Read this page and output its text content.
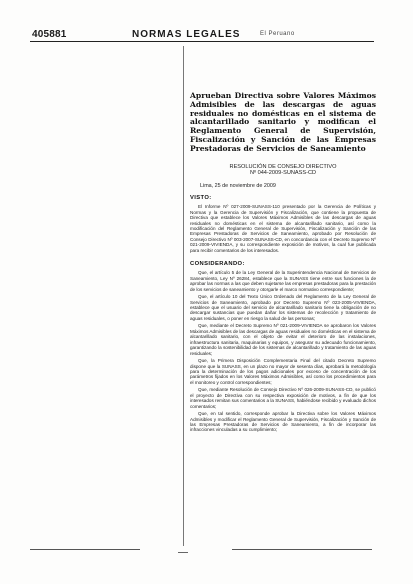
405881	NORMAS LEGALES	El Peruano

Aprueban Directiva sobre Valores Máximos Admisibles de las descargas de aguas residuales no domésticas en el sistema de alcantarillado sanitario y modifican el Reglamento General de Supervisión, Fiscalización y Sanción de las Empresas Prestadoras de Servicios de Saneamiento

RESOLUCIÓN DE CONSEJO DIRECTIVO
Nº 044-2009-SUNASS-CD
Lima, 25 de noviembre de 2009
VISTO:

El Informe Nº 027-2009-SUNASS-110 presentado por la Gerencia de Políticas y Normas y la Gerencia de Supervisión y Fiscalización, que contiene la propuesta de Directiva que establece los Valores Máximos Admisibles de las descargas de aguas residuales no domésticas en el sistema de alcantarillado sanitario, así como la modificación del Reglamento General de Supervisión, Fiscalización y Sanción de las Empresas Prestadoras de Servicios de Saneamiento, aprobado por Resolución de Consejo Directivo Nº 003-2007-SUNASS-CD, en concordancia con el Decreto Supremo Nº 021-2009-VIVIENDA, y su correspondiente exposición de motivos, la cual fue publicada para recibir comentarios de los interesados.

CONSIDERANDO:

Que, el artículo 5 de la Ley General de la Superintendencia Nacional de Servicios de Saneamiento, Ley Nº 26284, establece que la SUNASS tiene entre sus funciones la de aprobar las normas a las que deben sujetarse las empresas prestadoras para la prestación de los servicios de saneamiento y otorgarle el marco normativo correspondiente;

Que, el artículo 10 del Texto Único Ordenado del Reglamento de la Ley General de Servicios de Saneamiento, aprobado por Decreto Supremo Nº 023-2005-VIVIENDA, establece que el usuario del servicio de alcantarillado sanitario tiene la obligación de no descargar sustancias que puedan dañar los sistemas de recolección y tratamiento de aguas residuales, o poner en riesgo la salud de las personas;

Que, mediante el Decreto Supremo Nº 021-2009-VIVIENDA se aprobaron los Valores Máximos Admisibles de las descargas de aguas residuales no domésticas en el sistema de alcantarillado sanitario, con el objeto de evitar el deterioro de las instalaciones, infraestructura sanitaria, maquinarias y equipos, y asegurar su adecuado funcionamiento, garantizando la sostenibilidad de los sistemas de alcantarillado y tratamiento de las aguas residuales;

Que, la Primera Disposición Complementaria Final del citado Decreto Supremo dispone que la SUNASS, en un plazo no mayor de sesenta días, aprobará la metodología para la determinación de los pagos adicionales por exceso de concentración de los parámetros fijados en los Valores Máximos Admisibles, así como los procedimientos para el monitoreo y control correspondientes;

Que, mediante Resolución de Consejo Directivo Nº 026-2009-SUNASS-CD, se publicó el proyecto de Directiva con su respectiva exposición de motivos, a fin de que los interesados remitan sus comentarios a la SUNASS, habiéndose recibido y evaluado dichos comentarios;

Que, en tal sentido, corresponde aprobar la Directiva sobre los Valores Máximos Admisibles y modificar el Reglamento General de Supervisión, Fiscalización y Sanción de las Empresas Prestadoras de Servicios de Saneamiento, a fin de incorporar las infracciones vinculadas a su cumplimiento;
